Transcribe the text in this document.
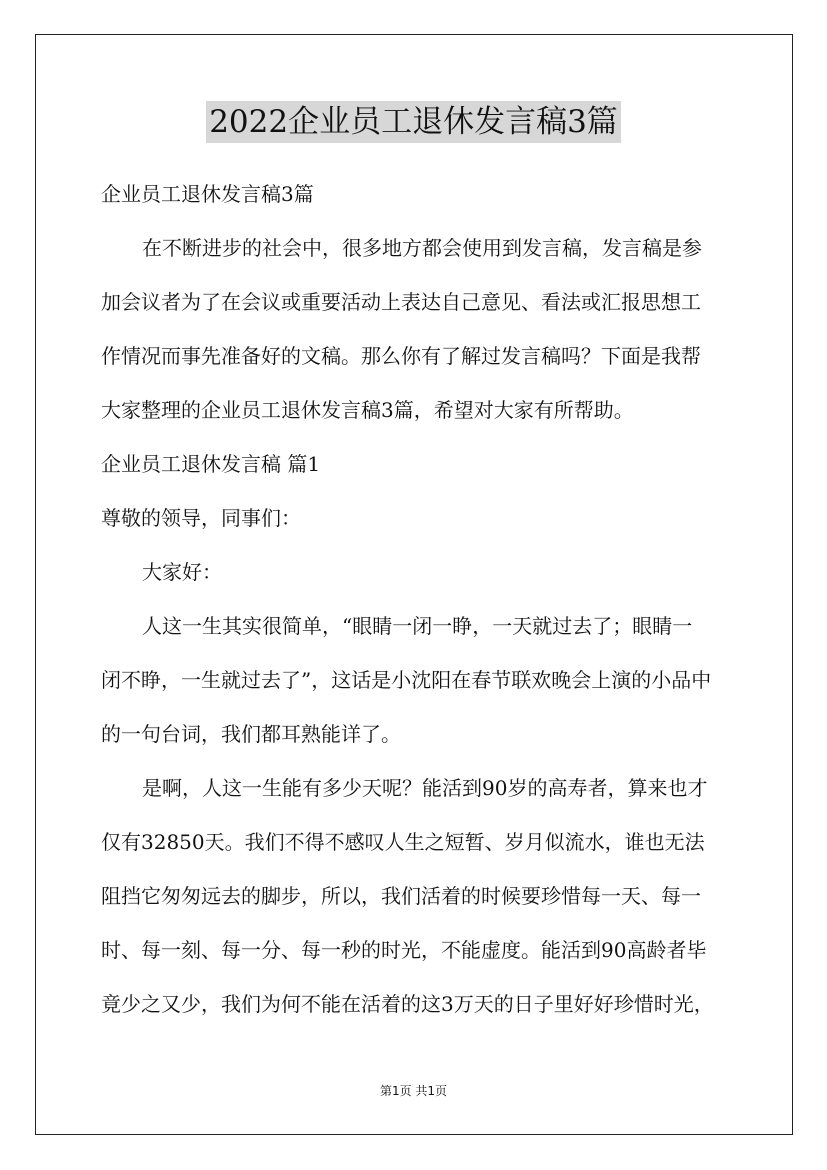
2022企业员工退休发言稿3篇
企业员工退休发言稿3篇
在不断进步的社会中，很多地方都会使用到发言稿，发言稿是参
加会议者为了在会议或重要活动上表达自己意见、看法或汇报思想工
作情况而事先准备好的文稿。那么你有了解过发言稿吗？下面是我帮
大家整理的企业员工退休发言稿3篇，希望对大家有所帮助。
企业员工退休发言稿 篇1
尊敬的领导，同事们：
大家好：
人这一生其实很简单，“眼睛一闭一睁，一天就过去了；眼睛一
闭不睁，一生就过去了”，这话是小沈阳在春节联欢晚会上演的小品中
的一句台词，我们都耳熟能详了。
是啊，人这一生能有多少天呢？能活到90岁的高寿者，算来也才
仅有32850天。我们不得不感叹人生之短暂、岁月似流水，谁也无法
阻挡它匆匆远去的脚步，所以，我们活着的时候要珍惜每一天、每一
时、每一刻、每一分、每一秒的时光，不能虚度。能活到90高龄者毕
竟少之又少，我们为何不能在活着的这3万天的日子里好好珍惜时光，
第1页 共1页
